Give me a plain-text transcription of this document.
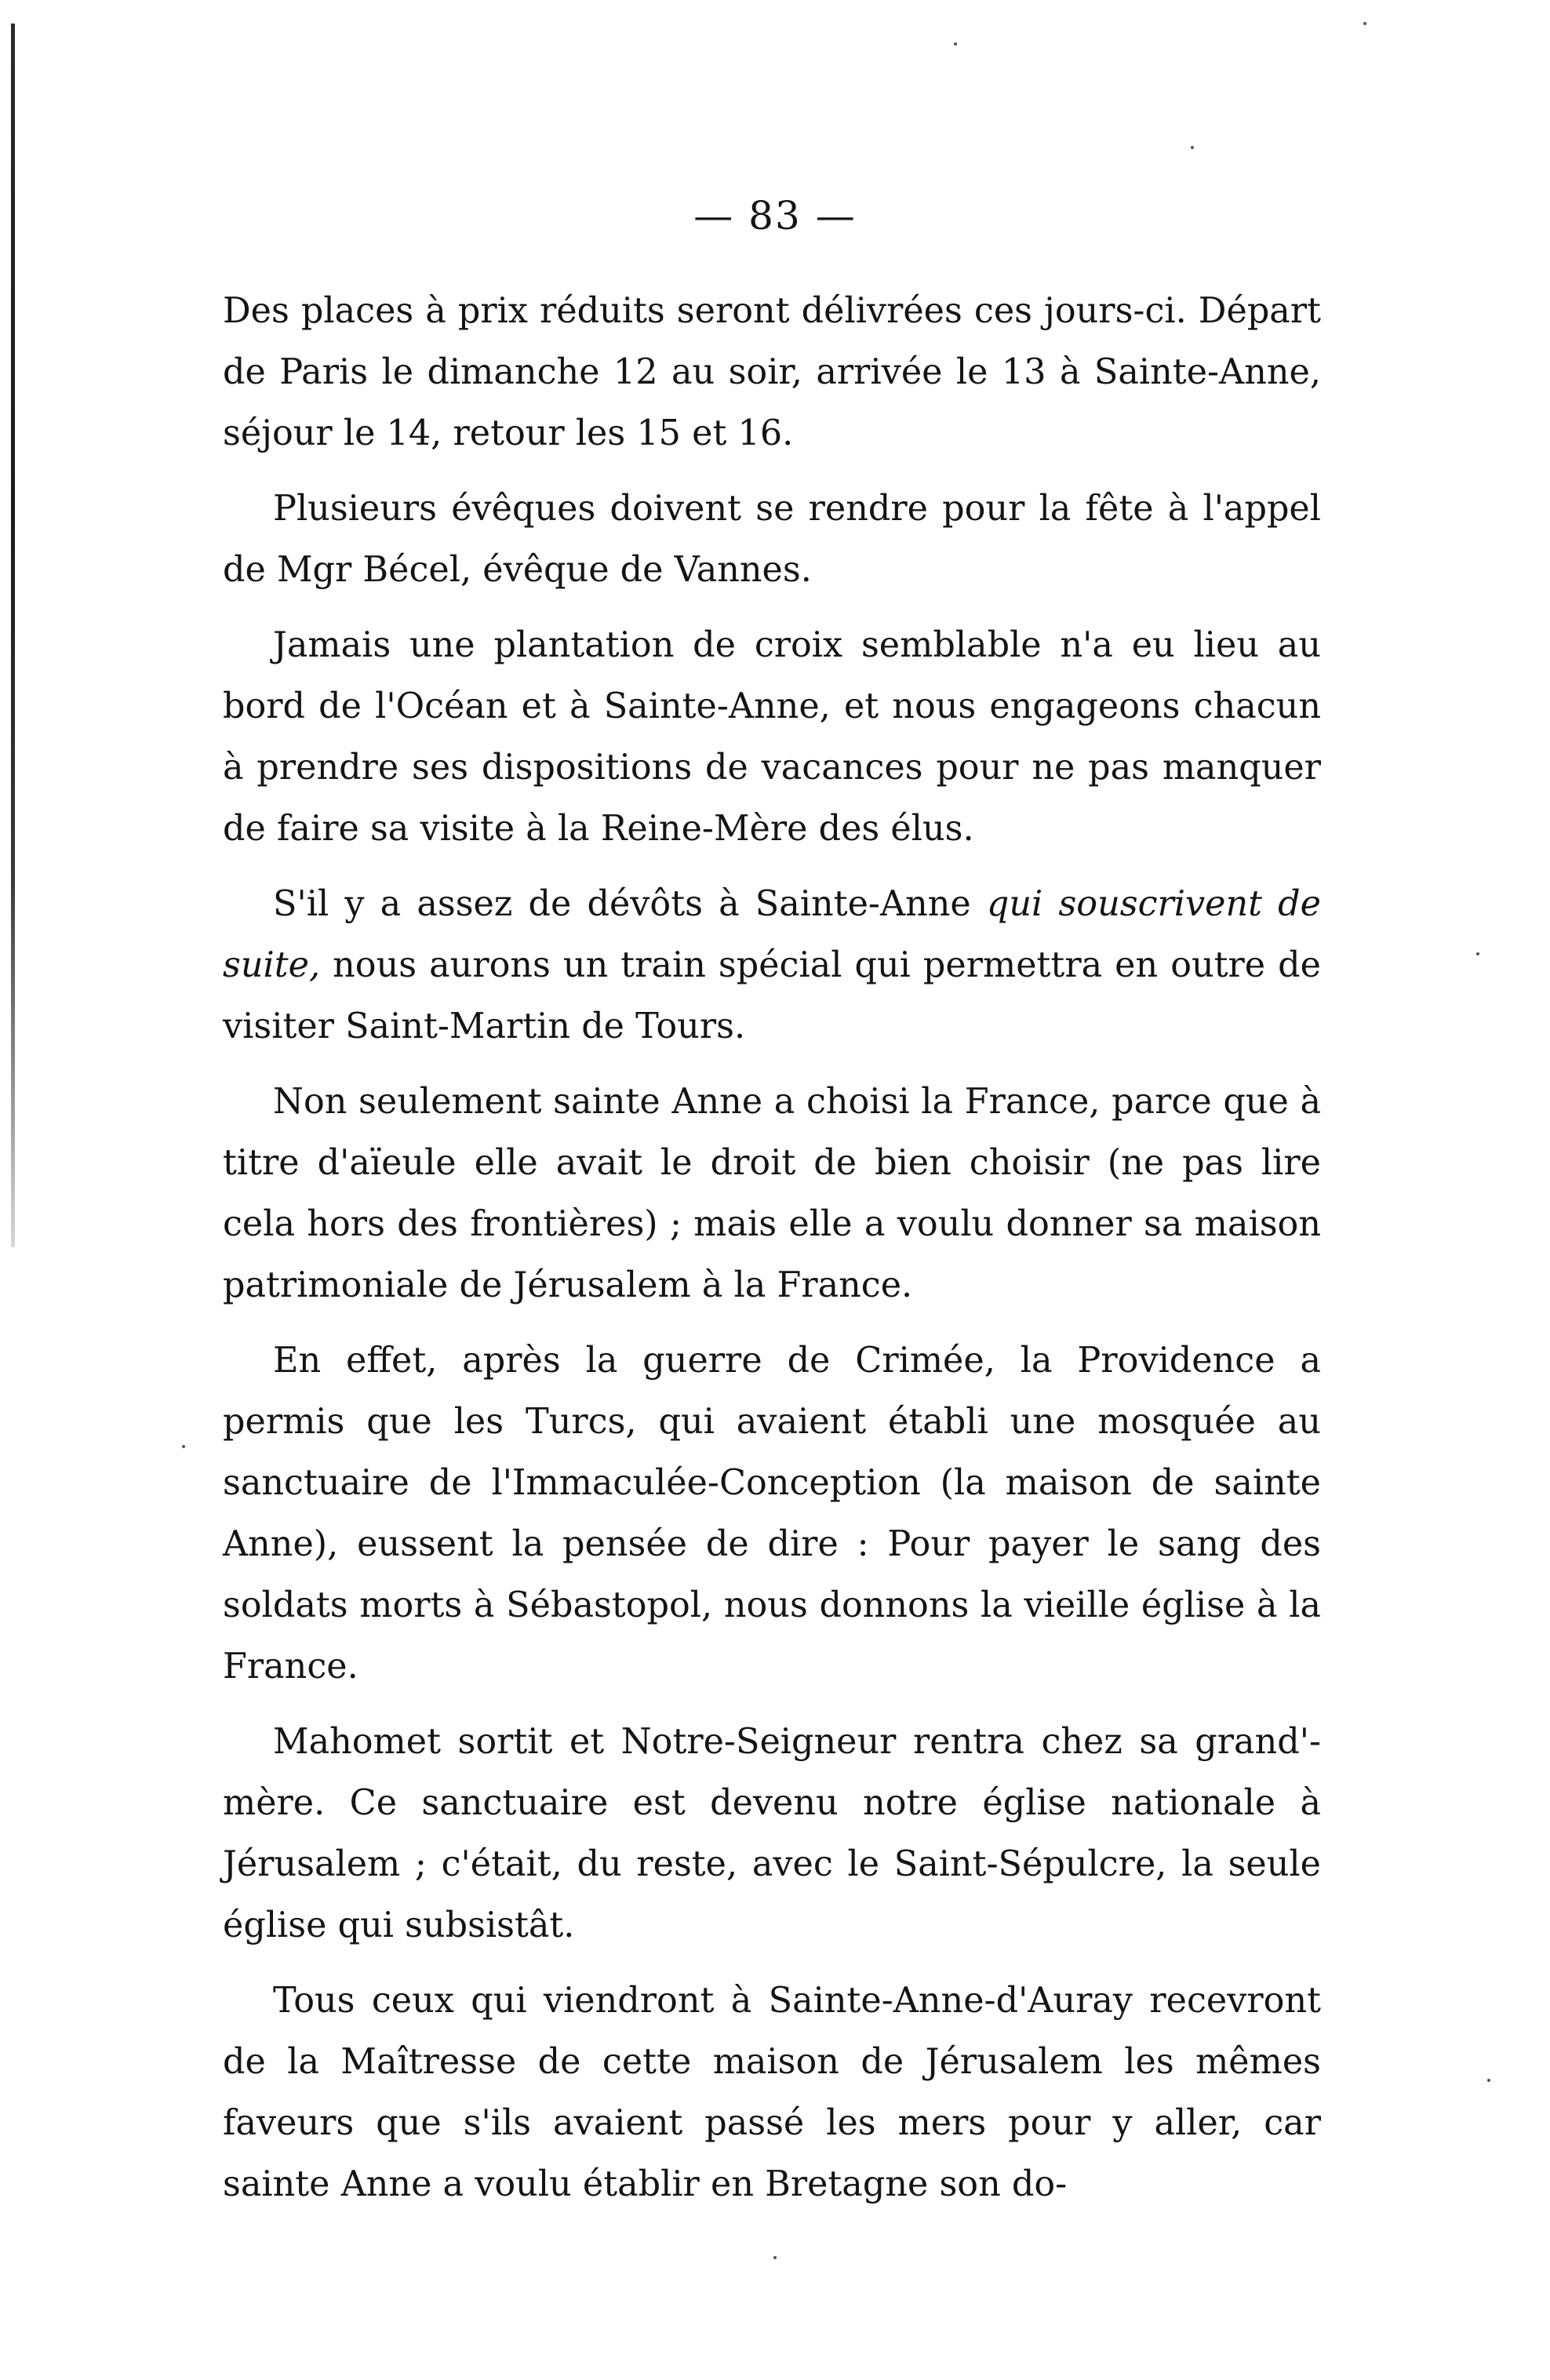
— 83 —

Des places à prix réduits seront délivrées ces jours-ci. Départ de Paris le dimanche 12 au soir, arrivée le 13 à Sainte-Anne, séjour le 14, retour les 15 et 16.

Plusieurs évêques doivent se rendre pour la fête à l'appel de Mgr Bécel, évêque de Vannes.

Jamais une plantation de croix semblable n'a eu lieu au bord de l'Océan et à Sainte-Anne, et nous engageons chacun à prendre ses dispositions de vacances pour ne pas manquer de faire sa visite à la Reine-Mère des élus.

S'il y a assez de dévôts à Sainte-Anne qui souscrivent de suite, nous aurons un train spécial qui permettra en outre de visiter Saint-Martin de Tours.

Non seulement sainte Anne a choisi la France, parce que à titre d'aïeule elle avait le droit de bien choisir (ne pas lire cela hors des frontières) ; mais elle a voulu donner sa maison patrimoniale de Jérusalem à la France.

En effet, après la guerre de Crimée, la Providence a permis que les Turcs, qui avaient établi une mosquée au sanctuaire de l'Immaculée-Conception (la maison de sainte Anne), eussent la pensée de dire : Pour payer le sang des soldats morts à Sébastopol, nous donnons la vieille église à la France.

Mahomet sortit et Notre-Seigneur rentra chez sa grand'-mère. Ce sanctuaire est devenu notre église nationale à Jérusalem ; c'était, du reste, avec le Saint-Sépulcre, la seule église qui subsistât.

Tous ceux qui viendront à Sainte-Anne-d'Auray recevront de la Maîtresse de cette maison de Jérusalem les mêmes faveurs que s'ils avaient passé les mers pour y aller, car sainte Anne a voulu établir en Bretagne son do-
